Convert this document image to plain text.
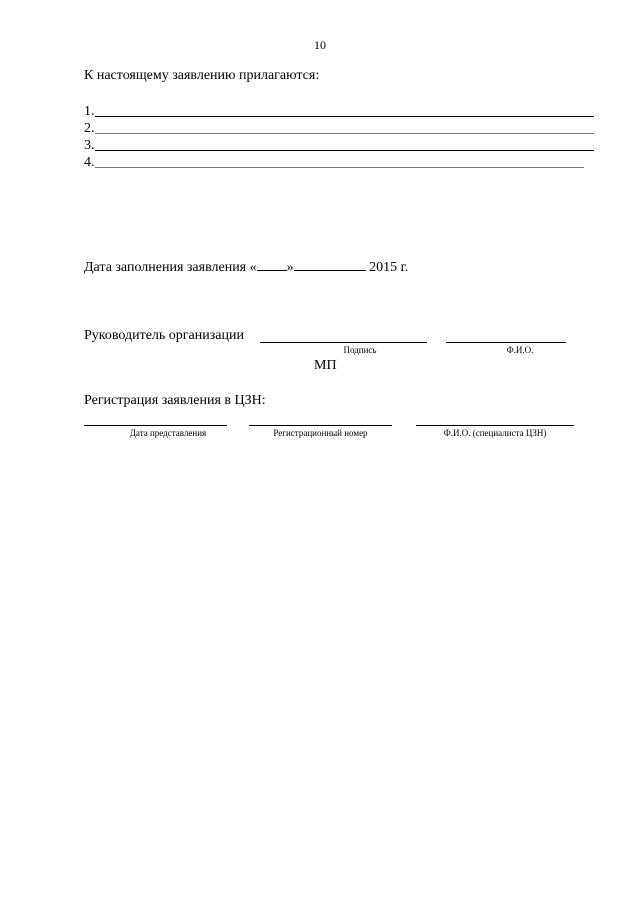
10
К настоящему заявлению прилагаются:
1.
2.
3.
4.
Дата заполнения заявления « »	2015 г.
Руководитель организации
Подпись	Ф.И.О.
МП
Регистрация заявления в ЦЗН:
Дата представления	Регистрационный номер	Ф.И.О. (специалиста ЦЗН)
